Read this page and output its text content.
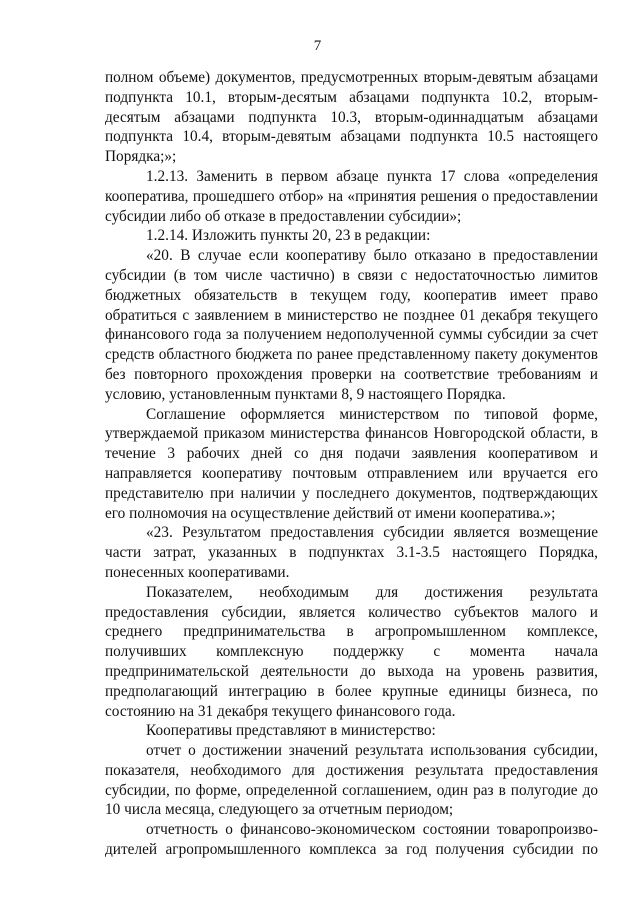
7

полном объеме) документов, предусмотренных вторым-девятым абзацами подпункта 10.1, вторым-десятым абзацами подпункта 10.2, вторым-десятым абзацами подпункта 10.3, вторым-одиннадцатым абзацами подпункта 10.4, вторым-девятым абзацами подпункта 10.5 настоящего Порядка;»;

1.2.13. Заменить в первом абзаце пункта 17 слова «определения кооператива, прошедшего отбор» на «принятия решения о предоставлении субсидии либо об отказе в предоставлении субсидии»;

1.2.14. Изложить пункты 20, 23 в редакции:

«20. В случае если кооперативу было отказано в предоставлении субсидии (в том числе частично) в связи с недостаточностью лимитов бюджетных обязательств в текущем году, кооператив имеет право обратиться с заявлением в министерство не позднее 01 декабря текущего финансового года за получением недополученной суммы субсидии за счет средств областного бюджета по ранее представленному пакету документов без повторного прохождения проверки на соответствие требованиям и условию, установленным пунктами 8, 9 настоящего Порядка.

Соглашение оформляется министерством по типовой форме, утверждаемой приказом министерства финансов Новгородской области, в течение 3 рабочих дней со дня подачи заявления кооперативом и направляется кооперативу почтовым отправлением или вручается его представителю при наличии у последнего документов, подтверждающих его полномочия на осуществление действий от имени кооператива.»;

«23. Результатом предоставления субсидии является возмещение части затрат, указанных в подпунктах 3.1-3.5 настоящего Порядка, понесенных кооперативами.

Показателем, необходимым для достижения результата предоставления субсидии, является количество субъектов малого и среднего предпринимательства в агропромышленном комплексе, получивших комплексную поддержку с момента начала предпринимательской деятельности до выхода на уровень развития, предполагающий интеграцию в более крупные единицы бизнеса, по состоянию на 31 декабря текущего финансового года.

Кооперативы представляют в министерство:

отчет о достижении значений результата использования субсидии, показателя, необходимого для достижения результата предоставления субсидии, по форме, определенной соглашением, один раз в полугодие до 10 числа месяца, следующего за отчетным периодом;

отчетность о финансово-экономическом состоянии товаропроизво-дителей агропромышленного комплекса за год получения субсидии по
